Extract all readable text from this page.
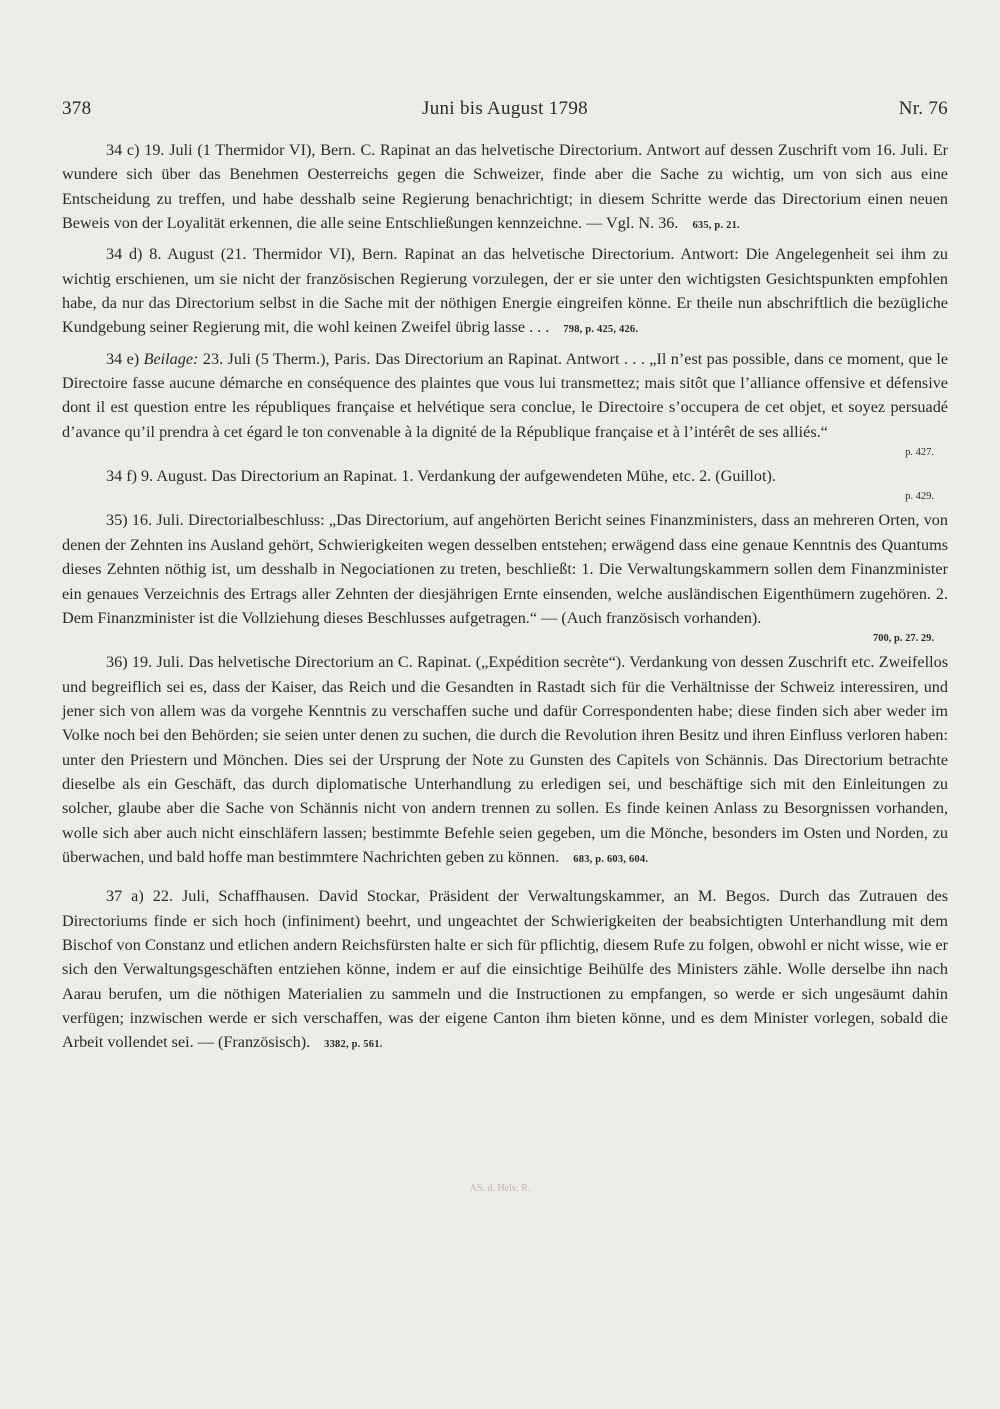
378	Juni bis August 1798	Nr. 76

34 c) 19. Juli (1 Thermidor VI), Bern. C. Rapinat an das helvetische Directorium. Antwort auf dessen Zuschrift vom 16. Juli. Er wundere sich über das Benehmen Oesterreichs gegen die Schweizer, finde aber die Sache zu wichtig, um von sich aus eine Entscheidung zu treffen, und habe desshalb seine Regierung benachrichtigt; in diesem Schritte werde das Directorium einen neuen Beweis von der Loyalität erkennen, die alle seine Entschließungen kennzeichne. — Vgl. N. 36. 635, p. 21.

34 d) 8. August (21. Thermidor VI), Bern. Rapinat an das helvetische Directorium. Antwort: Die Angelegenheit sei ihm zu wichtig erschienen, um sie nicht der französischen Regierung vorzulegen, der er sie unter den wichtigsten Gesichtspunkten empfohlen habe, da nur das Directorium selbst in die Sache mit der nöthigen Energie eingreifen könne. Er theile nun abschriftlich die bezügliche Kundgebung seiner Regierung mit, die wohl keinen Zweifel übrig lasse . . . 798, p. 425, 426.

34 e) Beilage: 23. Juli (5 Therm.), Paris. Das Directorium an Rapinat. Antwort . . . „Il n’est pas possible, dans ce moment, que le Directoire fasse aucune démarche en conséquence des plaintes que vous lui transmettez; mais sitôt que l’alliance offensive et défensive dont il est question entre les républiques française et helvétique sera conclue, le Directoire s’occupera de cet objet, et soyez persuadé d’avance qu’il prendra à cet égard le ton convenable à la dignité de la République française et à l’intérêt de ses alliés.“

p. 427.

34 f) 9. August. Das Directorium an Rapinat. 1. Verdankung der aufgewendeten Mühe, etc. 2. (Guillot).

p. 429.

35) 16. Juli. Directorialbeschluss: „Das Directorium, auf angehörten Bericht seines Finanzministers, dass an mehreren Orten, von denen der Zehnten ins Ausland gehört, Schwierigkeiten wegen desselben entstehen; erwägend dass eine genaue Kenntnis des Quantums dieses Zehnten nöthig ist, um desshalb in Negociationen zu treten, beschließt: 1. Die Verwaltungskammern sollen dem Finanzminister ein genaues Verzeichnis des Ertrags aller Zehnten der diesjährigen Ernte einsenden, welche ausländischen Eigenthümern zugehören. 2. Dem Finanzminister ist die Vollziehung dieses Beschlusses aufgetragen.“ — (Auch französisch vorhanden).

700, p. 27. 29.

36) 19. Juli. Das helvetische Directorium an C. Rapinat. („Expédition secrète“). Verdankung von dessen Zuschrift etc. Zweifellos und begreiflich sei es, dass der Kaiser, das Reich und die Gesandten in Rastadt sich für die Verhältnisse der Schweiz interessiren, und jener sich von allem was da vorgehe Kenntnis zu verschaffen suche und dafür Correspondenten habe; diese finden sich aber weder im Volke noch bei den Behörden; sie seien unter denen zu suchen, die durch die Revolution ihren Besitz und ihren Einfluss verloren haben: unter den Priestern und Mönchen. Dies sei der Ursprung der Note zu Gunsten des Capitels von Schännis. Das Directorium betrachte dieselbe als ein Geschäft, das durch diplomatische Unterhandlung zu erledigen sei, und beschäftige sich mit den Einleitungen zu solcher, glaube aber die Sache von Schännis nicht von andern trennen zu sollen. Es finde keinen Anlass zu Besorgnissen vorhanden, wolle sich aber auch nicht einschläfern lassen; bestimmte Befehle seien gegeben, um die Mönche, besonders im Osten und Norden, zu überwachen, und bald hoffe man bestimmtere Nachrichten geben zu können. 683, p. 603, 604.

37 a) 22. Juli, Schaffhausen. David Stockar, Präsident der Verwaltungskammer, an M. Begos. Durch das Zutrauen des Directoriums finde er sich hoch (infiniment) beehrt, und ungeachtet der Schwierigkeiten der beabsichtigten Unterhandlung mit dem Bischof von Constanz und etlichen andern Reichsfürsten halte er sich für pflichtig, diesem Rufe zu folgen, obwohl er nicht wisse, wie er sich den Verwaltungsgeschäften entziehen könne, indem er auf die einsichtige Beihülfe des Ministers zähle. Wolle derselbe ihn nach Aarau berufen, um die nöthigen Materialien zu sammeln und die Instructionen zu empfangen, so werde er sich ungesäumt dahin verfügen; inzwischen werde er sich verschaffen, was der eigene Canton ihm bieten könne, und es dem Minister vorlegen, sobald die Arbeit vollendet sei. — (Französisch). 3382, p. 561.

AS. d. Helv. R.
